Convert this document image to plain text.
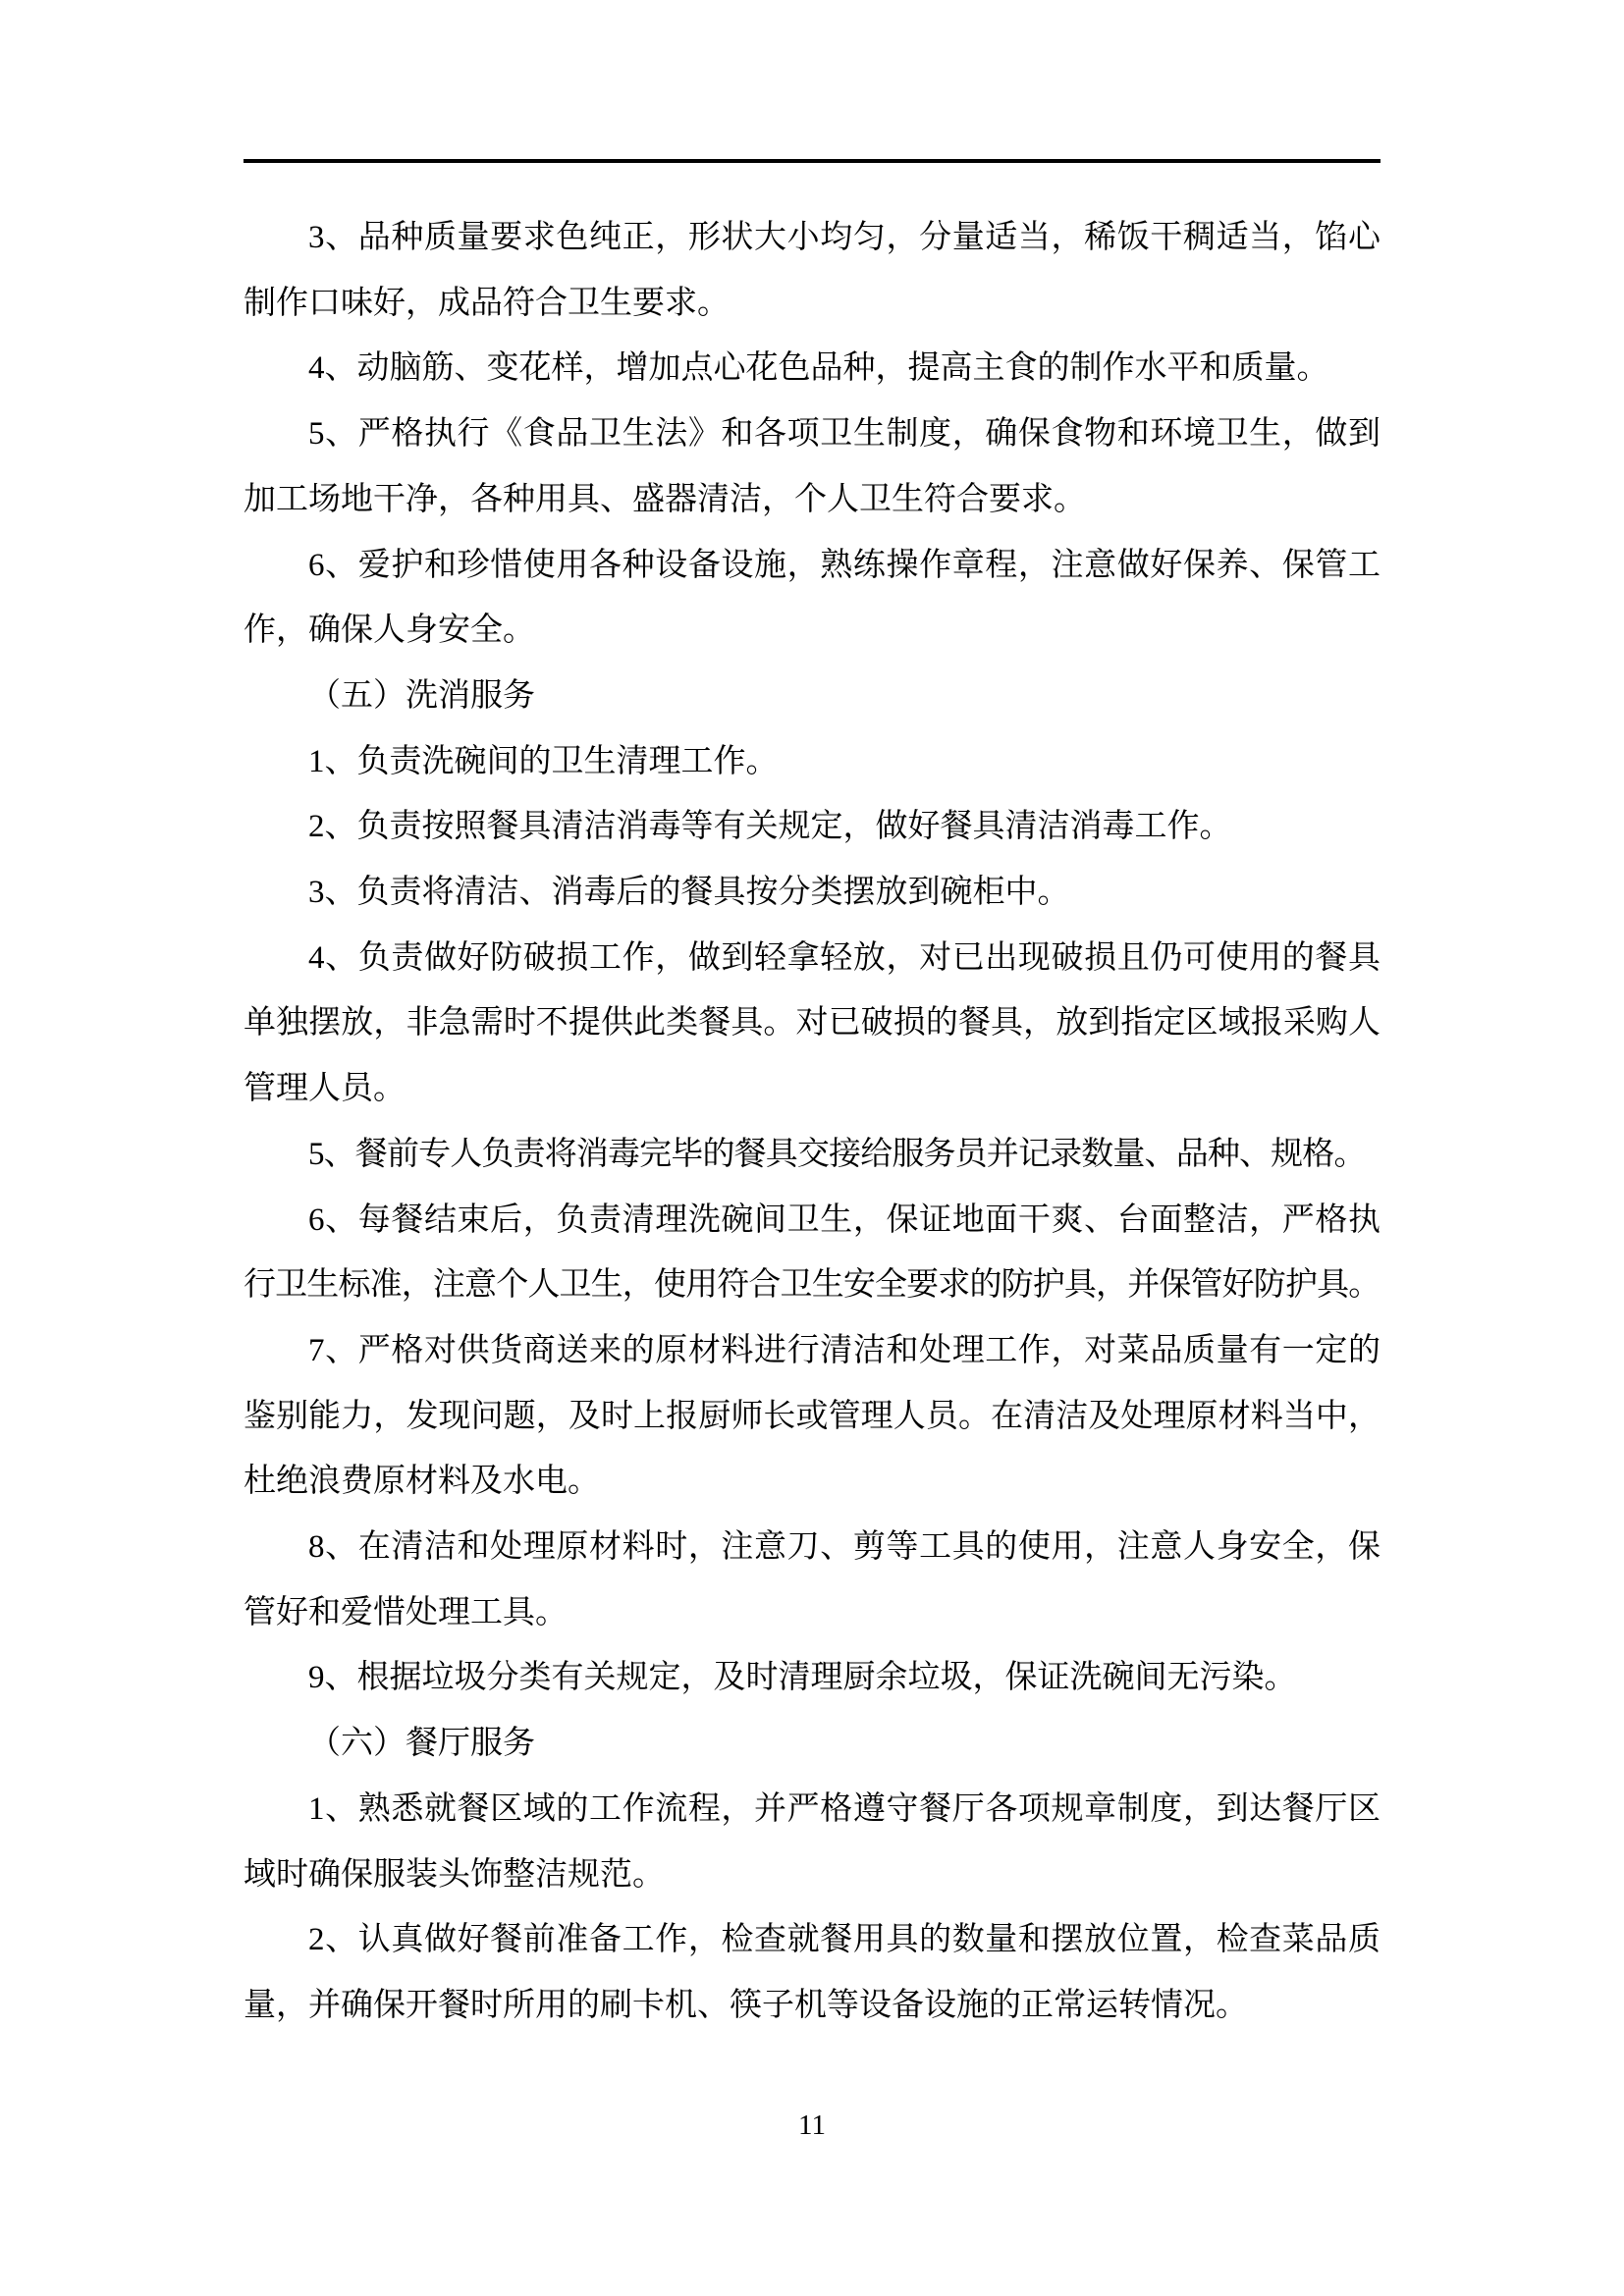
3、品种质量要求色纯正，形状大小均匀，分量适当，稀饭干稠适当，馅心
制作口味好，成品符合卫生要求。

4、动脑筋、变花样，增加点心花色品种，提高主食的制作水平和质量。

5、严格执行《食品卫生法》和各项卫生制度，确保食物和环境卫生，做到
加工场地干净，各种用具、盛器清洁，个人卫生符合要求。

6、爱护和珍惜使用各种设备设施，熟练操作章程，注意做好保养、保管工
作，确保人身安全。

（五）洗消服务

1、负责洗碗间的卫生清理工作。

2、负责按照餐具清洁消毒等有关规定，做好餐具清洁消毒工作。

3、负责将清洁、消毒后的餐具按分类摆放到碗柜中。

4、负责做好防破损工作，做到轻拿轻放，对已出现破损且仍可使用的餐具
单独摆放，非急需时不提供此类餐具。对已破损的餐具，放到指定区域报采购人
管理人员。

5、餐前专人负责将消毒完毕的餐具交接给服务员并记录数量、品种、规格。

6、每餐结束后，负责清理洗碗间卫生，保证地面干爽、台面整洁，严格执
行卫生标准，注意个人卫生，使用符合卫生安全要求的防护具，并保管好防护具。

7、严格对供货商送来的原材料进行清洁和处理工作，对菜品质量有一定的
鉴别能力，发现问题，及时上报厨师长或管理人员。在清洁及处理原材料当中，
杜绝浪费原材料及水电。

8、在清洁和处理原材料时，注意刀、剪等工具的使用，注意人身安全，保
管好和爱惜处理工具。

9、根据垃圾分类有关规定，及时清理厨余垃圾，保证洗碗间无污染。

（六）餐厅服务

1、熟悉就餐区域的工作流程，并严格遵守餐厅各项规章制度，到达餐厅区
域时确保服装头饰整洁规范。

2、认真做好餐前准备工作，检查就餐用具的数量和摆放位置，检查菜品质
量，并确保开餐时所用的刷卡机、筷子机等设备设施的正常运转情况。

11
